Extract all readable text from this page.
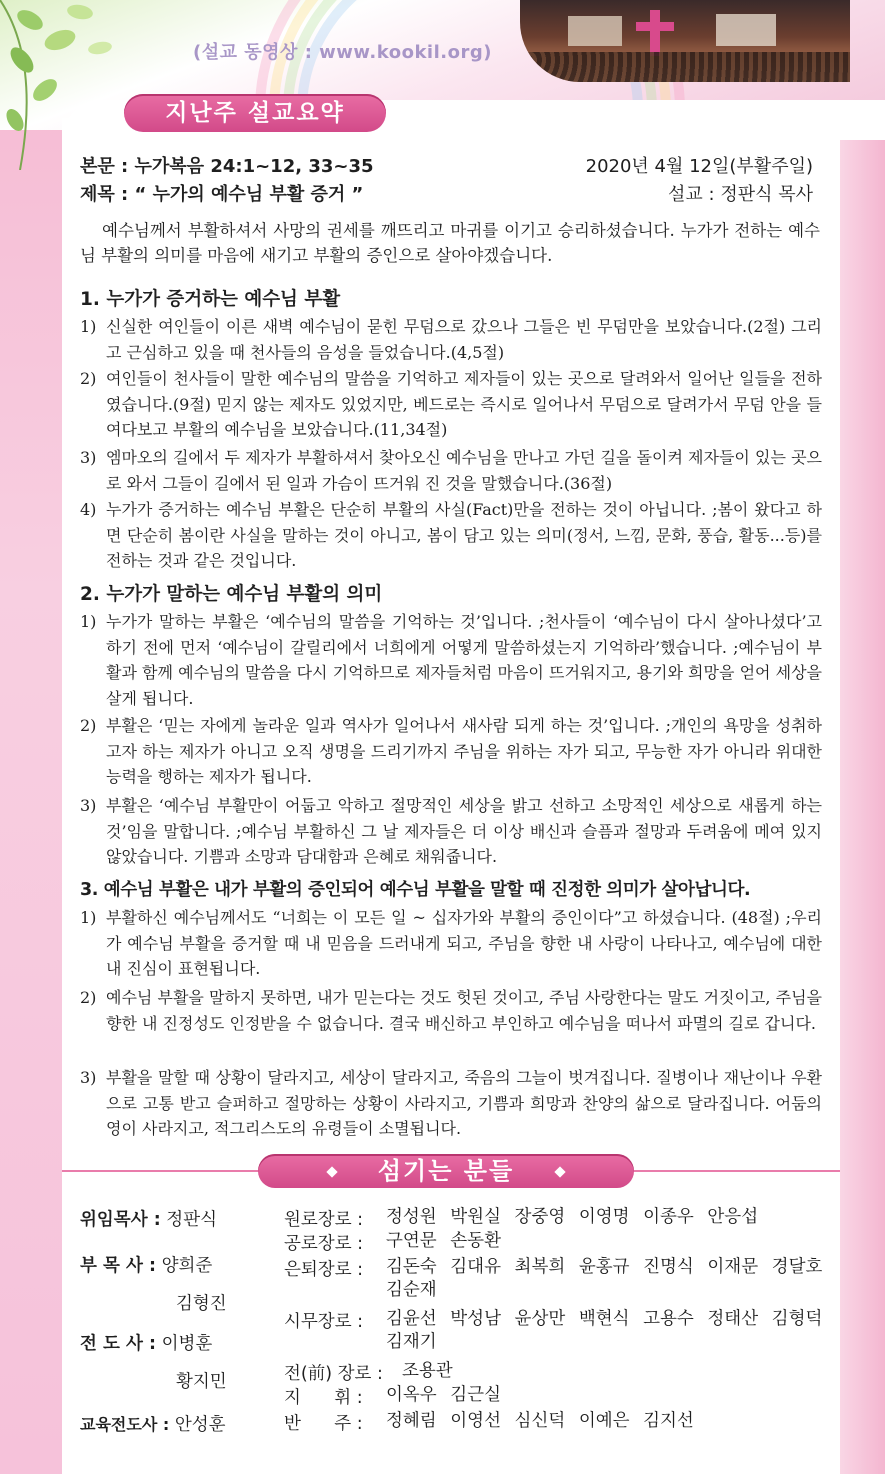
(설교 동영상 : www.kookil.org)
지난주 설교요약
본문 : 누가복음 24:1~12, 33~35	2020년 4월 12일(부활주일)
제목 : “ 누가의 예수님 부활 증거 ”	설교 : 정판식 목사
예수님께서 부활하셔서 사망의 권세를 깨뜨리고 마귀를 이기고 승리하셨습니다. 누가가 전하는 예수님 부활의 의미를 마음에 새기고 부활의 증인으로 살아야겠습니다.
1. 누가가 증거하는 예수님 부활
1) 신실한 여인들이 이른 새벽 예수님이 묻힌 무덤으로 갔으나 그들은 빈 무덤만을 보았습니다.(2절) 그리고 근심하고 있을 때 천사들의 음성을 들었습니다.(4,5절)
2) 여인들이 천사들이 말한 예수님의 말씀을 기억하고 제자들이 있는 곳으로 달려와서 일어난 일들을 전하였습니다.(9절) 믿지 않는 제자도 있었지만, 베드로는 즉시로 일어나서 무덤으로 달려가서 무덤 안을 들여다보고 부활의 예수님을 보았습니다.(11,34절)
3) 엠마오의 길에서 두 제자가 부활하셔서 찾아오신 예수님을 만나고 가던 길을 돌이켜 제자들이 있는 곳으로 와서 그들이 길에서 된 일과 가슴이 뜨거워 진 것을 말했습니다.(36절)
4) 누가가 증거하는 예수님 부활은 단순히 부활의 사실(Fact)만을 전하는 것이 아닙니다. ;봄이 왔다고 하면 단순히 봄이란 사실을 말하는 것이 아니고, 봄이 담고 있는 의미(정서, 느낌, 문화, 풍습, 활동...등)를 전하는 것과 같은 것입니다.
2. 누가가 말하는 예수님 부활의 의미
1) 누가가 말하는 부활은 ‘예수님의 말씀을 기억하는 것’입니다. ;천사들이 ‘예수님이 다시 살아나셨다’고 하기 전에 먼저 ‘예수님이 갈릴리에서 너희에게 어떻게 말씀하셨는지 기억하라’했습니다. ;예수님이 부활과 함께 예수님의 말씀을 다시 기억하므로 제자들처럼 마음이 뜨거워지고, 용기와 희망을 얻어 세상을 살게 됩니다.
2) 부활은 ‘믿는 자에게 놀라운 일과 역사가 일어나서 새사람 되게 하는 것’입니다. ;개인의 욕망을 성취하고자 하는 제자가 아니고 오직 생명을 드리기까지 주님을 위하는 자가 되고, 무능한 자가 아니라 위대한 능력을 행하는 제자가 됩니다.
3) 부활은 ‘예수님 부활만이 어둡고 악하고 절망적인 세상을 밝고 선하고 소망적인 세상으로 새롭게 하는 것’임을 말합니다. ;예수님 부활하신 그 날 제자들은 더 이상 배신과 슬픔과 절망과 두려움에 메여 있지 않았습니다. 기쁨과 소망과 담대함과 은혜로 채워줍니다.
3. 예수님 부활은 내가 부활의 증인되어 예수님 부활을 말할 때 진정한 의미가 살아납니다.
1) 부활하신 예수님께서도 “너희는 이 모든 일 ~ 십자가와 부활의 증인이다”고 하셨습니다. (48절) ;우리가 예수님 부활을 증거할 때 내 믿음을 드러내게 되고, 주님을 향한 내 사랑이 나타나고, 예수님에 대한 내 진심이 표현됩니다.
2) 예수님 부활을 말하지 못하면, 내가 믿는다는 것도 헛된 것이고, 주님 사랑한다는 말도 거짓이고, 주님을 향한 내 진정성도 인정받을 수 없습니다. 결국 배신하고 부인하고 예수님을 떠나서 파멸의 길로 갑니다.
3) 부활을 말할 때 상황이 달라지고, 세상이 달라지고, 죽음의 그늘이 벗겨집니다. 질병이나 재난이나 우환으로 고통 받고 슬퍼하고 절망하는 상황이 사라지고, 기쁨과 희망과 찬양의 삶으로 달라집니다. 어둠의 영이 사라지고, 적그리스도의 유령들이 소멸됩니다.
섬기는 분들
위임목사 : 정판식
부 목 사 : 양희준
김형진
전 도 사 : 이병훈
황지민
교육전도사 : 안성훈
원로장로 : 정성원 박원실 장중영 이영명 이종우 안응섭
공로장로 : 구연문 손동환
은퇴장로 : 김돈숙 김대유 최복희 윤홍규 진명식 이재문 경달호 김순재
시무장로 : 김윤선 박성남 윤상만 백현식 고용수 정태산 김형덕 김재기
전(前) 장로 : 조용관
지      휘 : 이옥우 김근실
반      주 : 정혜림 이영선 심신덕 이예은 김지선
